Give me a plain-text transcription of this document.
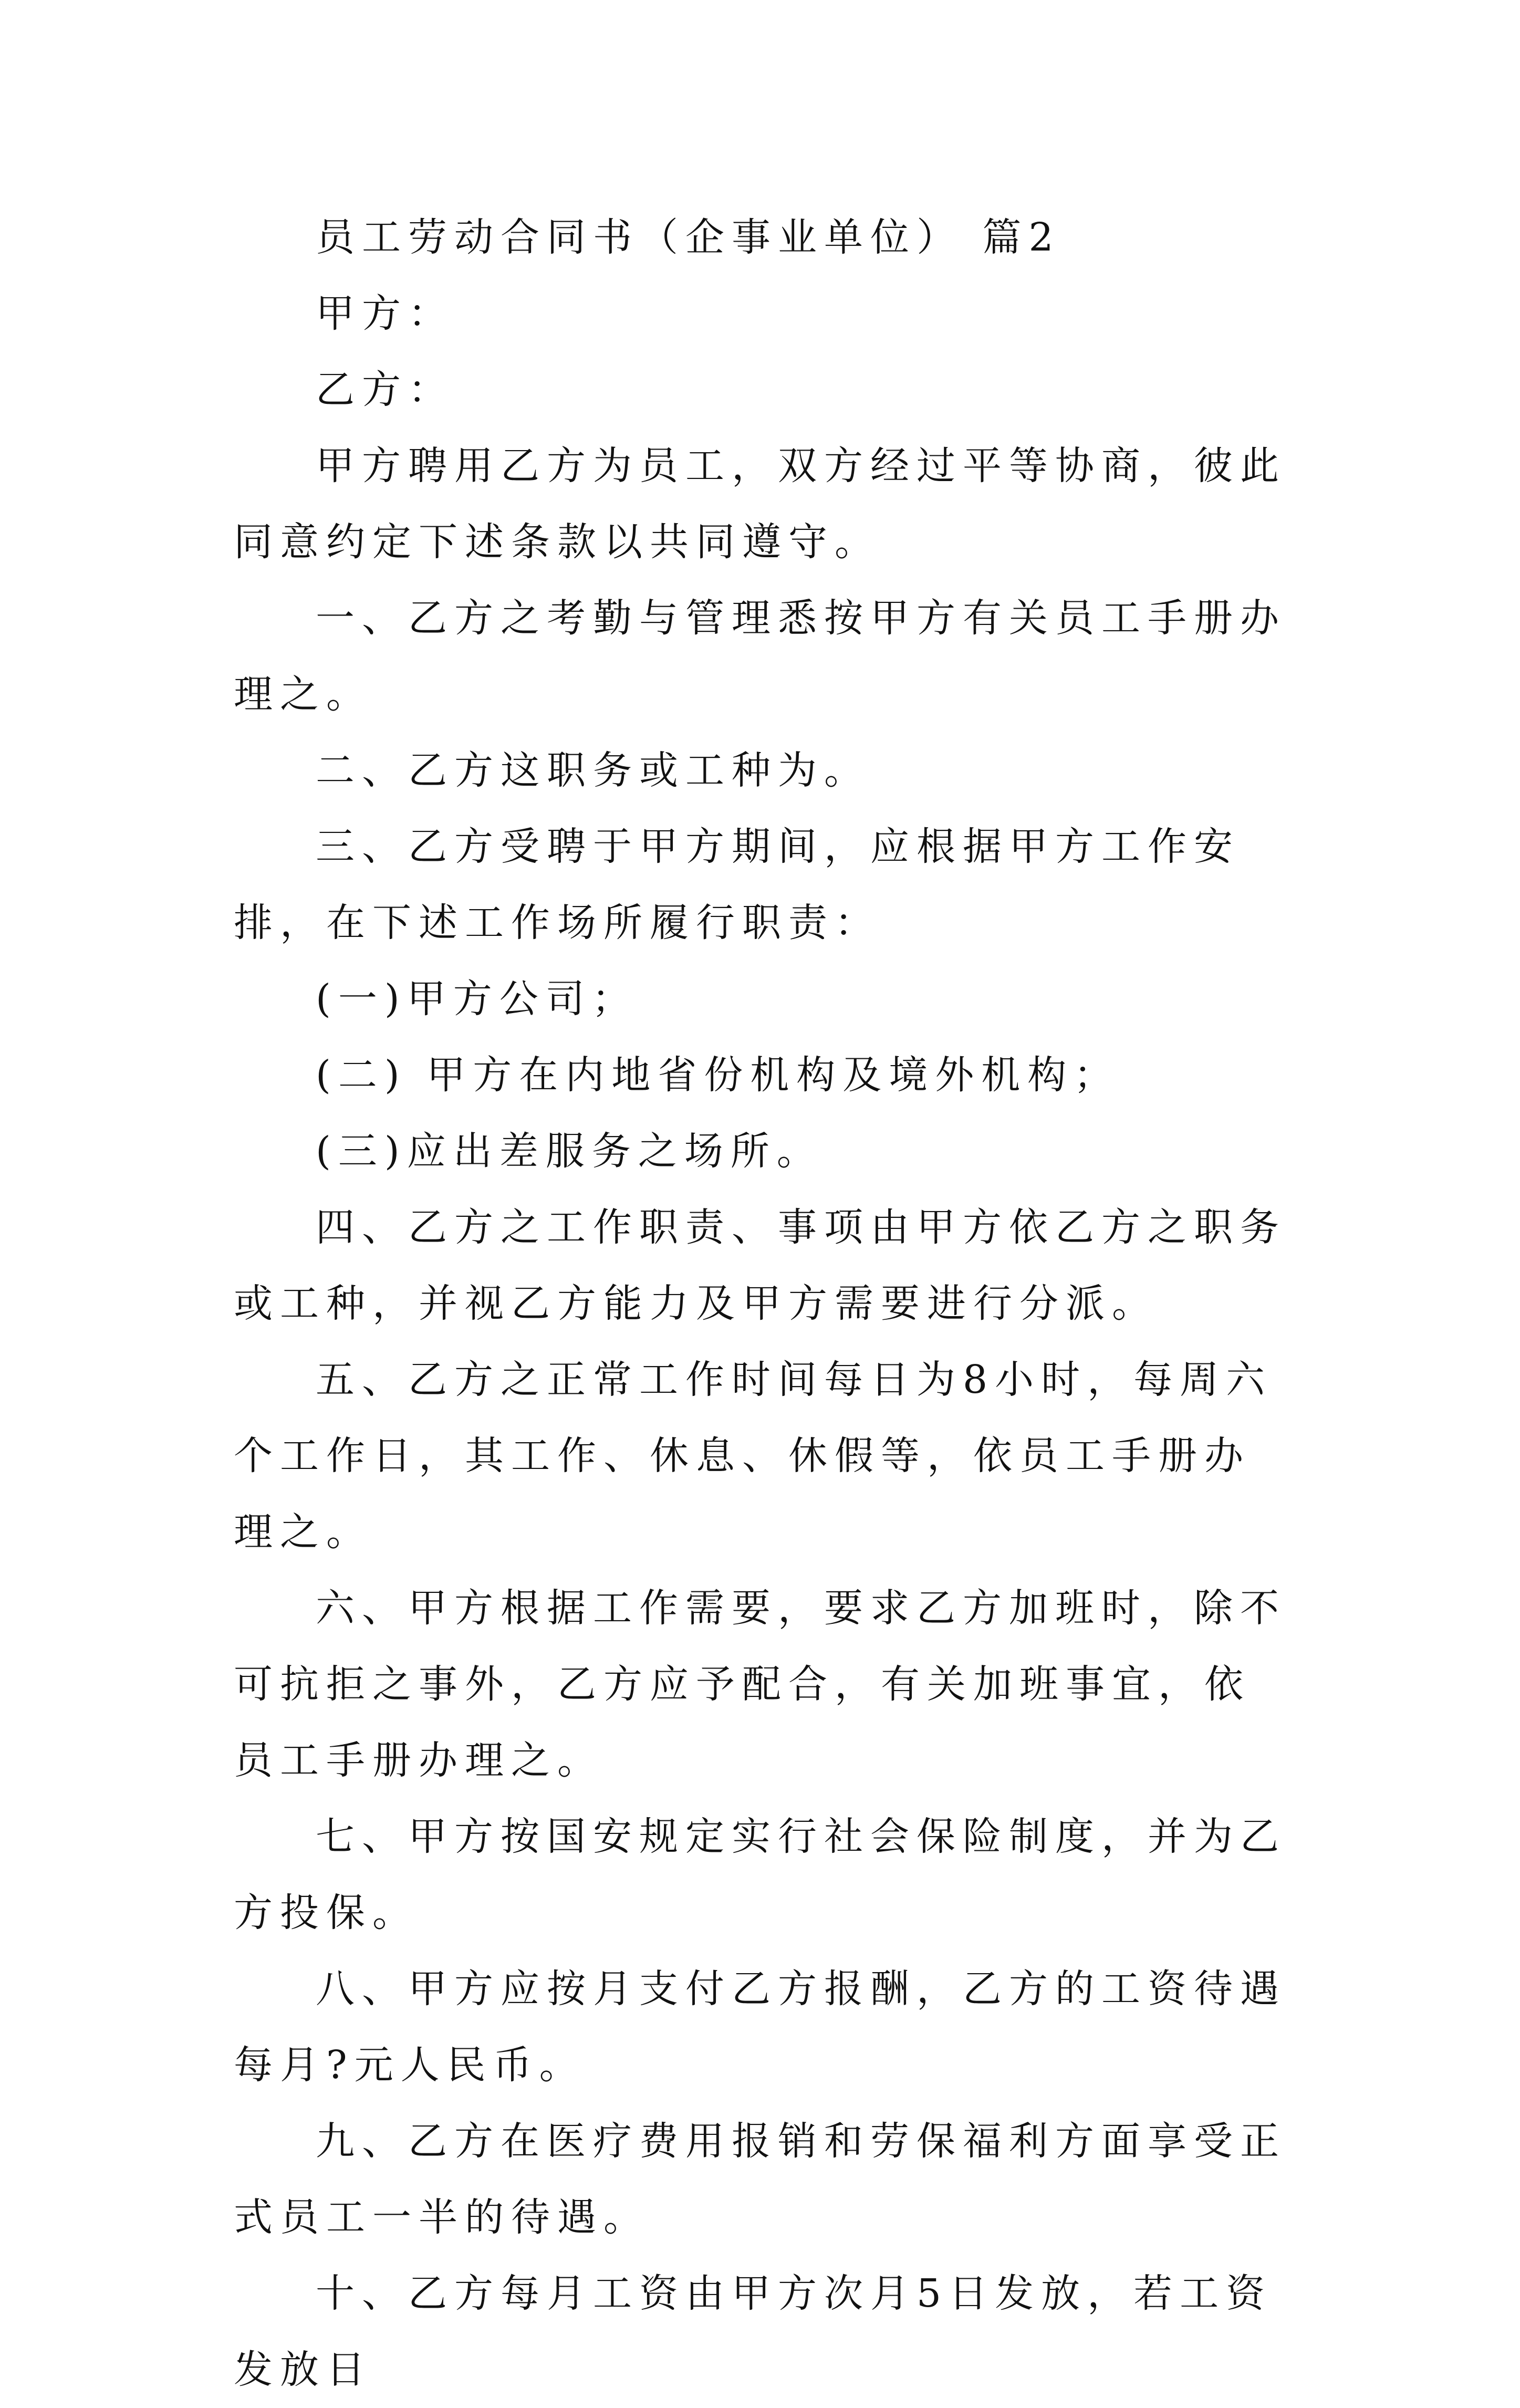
员工劳动合同书（企事业单位） 篇2

甲方：

乙方：

甲方聘用乙方为员工，双方经过平等协商，彼此同意约定下述条款以共同遵守。

一、乙方之考勤与管理悉按甲方有关员工手册办理之。

二、乙方这职务或工种为。

三、乙方受聘于甲方期间，应根据甲方工作安排，在下述工作场所履行职责：

(一)甲方公司；

(二) 甲方在内地省份机构及境外机构；

(三)应出差服务之场所。

四、乙方之工作职责、事项由甲方依乙方之职务或工种，并视乙方能力及甲方需要进行分派。

五、乙方之正常工作时间每日为8小时，每周六个工作日，其工作、休息、休假等，依员工手册办理之。

六、甲方根据工作需要，要求乙方加班时，除不可抗拒之事外，乙方应予配合，有关加班事宜，依员工手册办理之。

七、甲方按国安规定实行社会保险制度，并为乙方投保。

八、甲方应按月支付乙方报酬，乙方的工资待遇每月?元人民币。

九、乙方在医疗费用报销和劳保福利方面享受正式员工一半的待遇。

十、乙方每月工资由甲方次月5日发放，若工资发放日
